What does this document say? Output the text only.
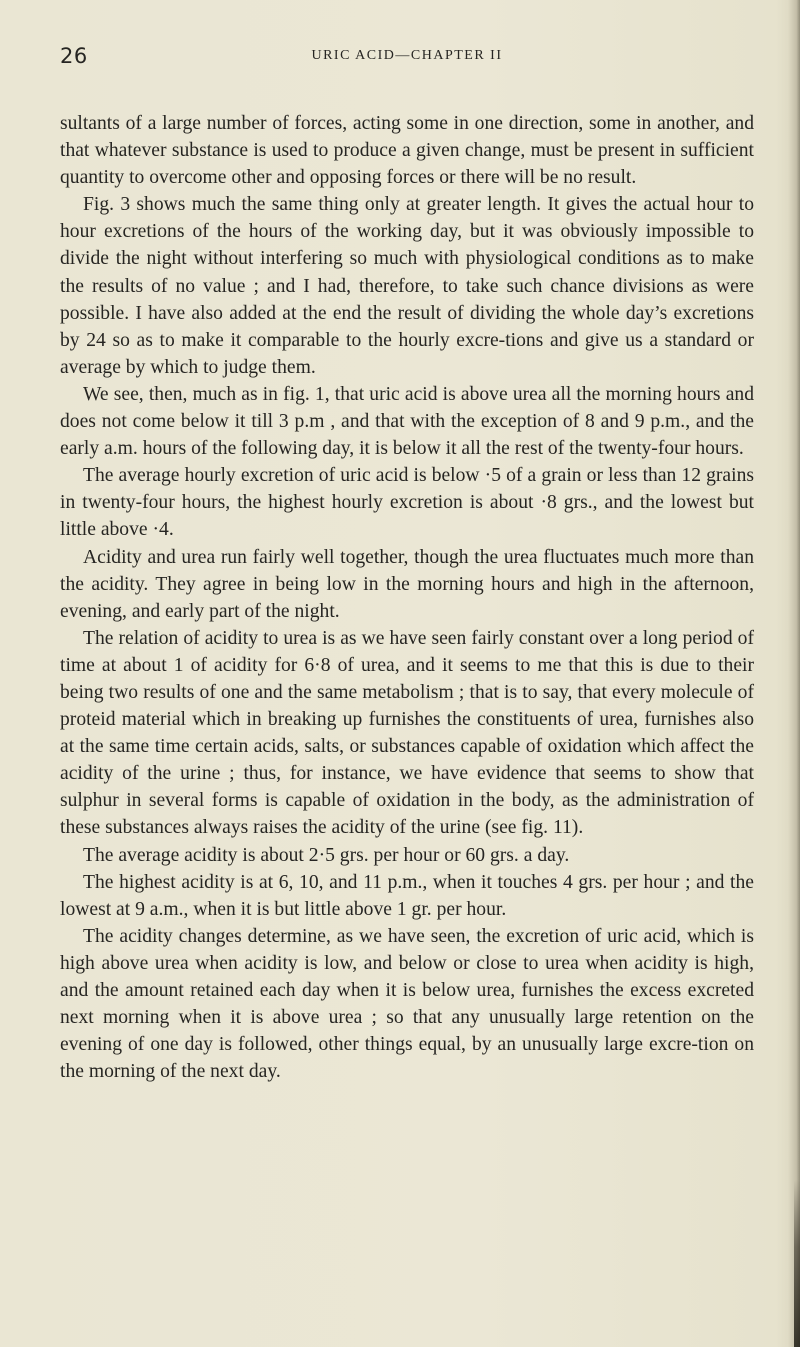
26	URIC ACID—CHAPTER II

sultants of a large number of forces, acting some in one direction, some in another, and that whatever substance is used to produce a given change, must be present in sufficient quantity to overcome other and opposing forces or there will be no result.

Fig. 3 shows much the same thing only at greater length. It gives the actual hour to hour excretions of the hours of the working day, but it was obviously impossible to divide the night without interfering so much with physiological conditions as to make the results of no value ; and I had, therefore, to take such chance divisions as were possible. I have also added at the end the result of dividing the whole day’s excretions by 24 so as to make it comparable to the hourly excre-tions and give us a standard or average by which to judge them.

We see, then, much as in fig. 1, that uric acid is above urea all the morning hours and does not come below it till 3 p.m , and that with the exception of 8 and 9 p.m., and the early a.m. hours of the following day, it is below it all the rest of the twenty-four hours.

The average hourly excretion of uric acid is below ·5 of a grain or less than 12 grains in twenty-four hours, the highest hourly excretion is about ·8 grs., and the lowest but little above ·4.

Acidity and urea run fairly well together, though the urea fluctuates much more than the acidity. They agree in being low in the morning hours and high in the afternoon, evening, and early part of the night.

The relation of acidity to urea is as we have seen fairly constant over a long period of time at about 1 of acidity for 6·8 of urea, and it seems to me that this is due to their being two results of one and the same metabolism ; that is to say, that every molecule of proteid material which in breaking up furnishes the constituents of urea, furnishes also at the same time certain acids, salts, or substances capable of oxidation which affect the acidity of the urine ; thus, for instance, we have evidence that seems to show that sulphur in several forms is capable of oxidation in the body, as the administration of these substances always raises the acidity of the urine (see fig. 11).

The average acidity is about 2·5 grs. per hour or 60 grs. a day.

The highest acidity is at 6, 10, and 11 p.m., when it touches 4 grs. per hour ; and the lowest at 9 a.m., when it is but little above 1 gr. per hour.

The acidity changes determine, as we have seen, the excretion of uric acid, which is high above urea when acidity is low, and below or close to urea when acidity is high, and the amount retained each day when it is below urea, furnishes the excess excreted next morning when it is above urea ; so that any unusually large retention on the evening of one day is followed, other things equal, by an unusually large excre-tion on the morning of the next day.
